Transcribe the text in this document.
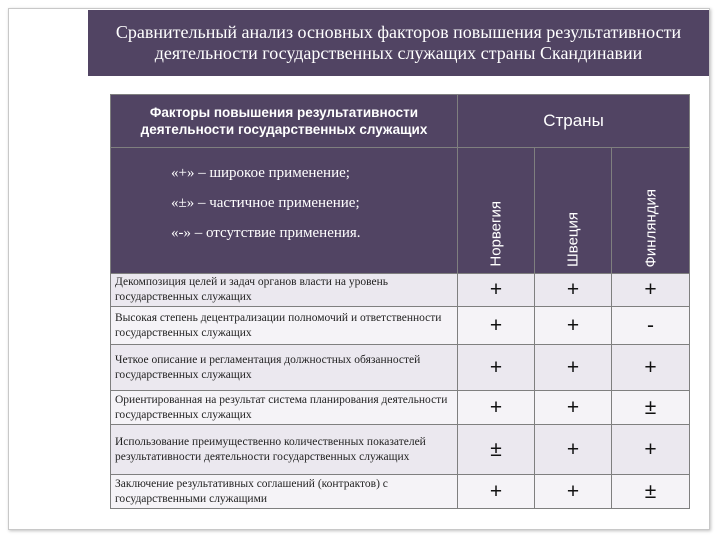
Сравнительный анализ основных факторов повышения результативности деятельности государственных служащих страны Скандинавии
Факторы повышения результативности деятельности государственных служащих	Страны		

«+» – широкое применение;
«±» – частичное применение;
«-» – отсутствие применения.	Норвегия	Швеция	Финляндия

Декомпозиция целей и задач органов власти на уровень государственных служащих	+	+	+
Высокая степень децентрализации полномочий и ответственности государственных служащих	+	+	-
Четкое описание и регламентация должностных обязанностей государственных служащих	+	+	+
Ориентированная на результат система планирования деятельности государственных служащих	+	+	±
Использование преимущественно количественных показателей результативности деятельности государственных служащих	±	+	+
Заключение результативных соглашений (контрактов) с государственными служащими	+	+	±
